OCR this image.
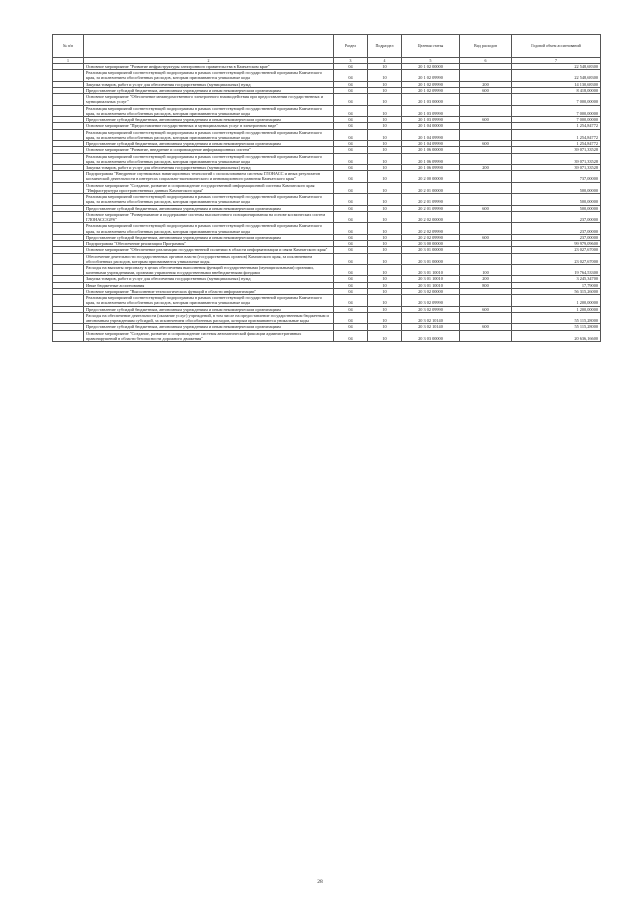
№ п/п		Раздел	Подраздел	Целевая статья	Вид расходов	Годовой объем ассигнований
1	2	3	4	5	6	7
	Основное мероприятие "Развитие инфраструктуры электронного правительства в Камчатском крае"	04	10	20 1 02 00000		22 548,68300
	Реализация мероприятий соответствующей подпрограммы в рамках соответствующей государственной программы Камчатского края, за исключением обособленных расходов, которым присваиваются уникальные коды	04	10	20 1 02 09990		22 548,68300
	Закупка товаров, работ и услуг для обеспечения государственных (муниципальных) нужд	04	10	20 1 02 09990	200	14 130,68300
	Предоставление субсидий бюджетным, автономным учреждениям и иным некоммерческим организациям	04	10	20 1 02 09990	600	8 418,00000
	Основное мероприятие "Обеспечение межведомственного электронного взаимодействия при предоставлении государственных и муниципальных услуг"	04	10	20 1 03 00000		7 000,00000
	Реализация мероприятий соответствующей подпрограммы в рамках соответствующей государственной программы Камчатского края, за исключением обособленных расходов, которым присваиваются уникальные коды	04	10	20 1 03 09990		7 000,00000
	Предоставление субсидий бюджетным, автономным учреждениям и иным некоммерческим организациям	04	10	20 1 03 09990	600	7 000,00000
	Основное мероприятие "Предоставление государственных и муниципальных услуг в электронном виде"	04	10	20 1 04 00000		1 254,84772
	Реализация мероприятий соответствующей подпрограммы в рамках соответствующей государственной программы Камчатского края, за исключением обособленных расходов, которым присваиваются уникальные коды	04	10	20 1 04 09990		1 254,84772
	Предоставление субсидий бюджетным, автономным учреждениям и иным некоммерческим организациям	04	10	20 1 04 09990	600	1 254,84772
	Основное мероприятие "Развитие, внедрение и сопровождение информационных систем"	04	10	20 1 06 00000		39 071,33528
	Реализация мероприятий соответствующей подпрограммы в рамках соответствующей государственной программы Камчатского края, за исключением обособленных расходов, которым присваиваются уникальные коды	04	10	20 1 06 09990		39 071,33528
	Закупка товаров, работ и услуг для обеспечения государственных (муниципальных) нужд	04	10	20 1 06 09990	200	39 071,33528
	Подпрограмма "Внедрение спутниковых навигационных технологий с использованием системы ГЛОНАСС и иных результатов космической деятельности в интересах социально-экономического и инновационного развития Камчатского края"	04	10	20 2 00 00000		737,00000
	Основное мероприятие "Создание, развитие и сопровождение государственной информационной системы Камчатского края "Инфраструктура пространственных данных Камчатского края"	04	10	20 2 01 00000		500,00000
	Реализация мероприятий соответствующей подпрограммы в рамках соответствующей государственной программы Камчатского края, за исключением обособленных расходов, которым присваиваются уникальные коды	04	10	20 2 01 09990		500,00000
	Предоставление субсидий бюджетным, автономным учреждениям и иным некоммерческим организациям	04	10	20 2 01 09990	600	500,00000
	Основное мероприятие "Развертывание и поддержание системы высокоточного позиционирования на основе космических систем ГЛОНАСС/GPS"	04	10	20 2 02 00000		237,00000
	Реализация мероприятий соответствующей подпрограммы в рамках соответствующей государственной программы Камчатского края, за исключением обособленных расходов, которым присваиваются уникальные коды	04	10	20 2 02 09990		237,00000
	Предоставление субсидий бюджетным, автономным учреждениям и иным некоммерческим организациям	04	10	20 2 02 09990	600	237,00000
	Подпрограмма "Обеспечение реализации Программы"	04	10	20 3 00 00000		99 979,09600
	Основное мероприятие "Обеспечение реализации государственной политики в области информатизации и связи Камчатского края"	04	10	20 3 01 00000		23 027,67000
	Обеспечение деятельности государственных органов власти (государственных органов) Камчатского края, за исключением обособленных расходов, которым присваиваются уникальные коды.	04	10	20 3 01 00000		23 027,67000
	Расходы на выплаты персоналу в целях обеспечения выполнения функций государственными (муниципальными) органами, казенными учреждениями, органами управления государственными внебюджетными фондами	04	10	20 3 01 10010	100	19 764,53300
	Закупка товаров, работ и услуг для обеспечения государственных (муниципальных) нужд	04	10	20 3 01 10010	200	3 245,34700
	Иные бюджетные ассигнования	04	10	20 3 01 10010	800	17,79000
	Основное мероприятие "Выполнение технологических функций в области информатизации"	04	10	20 3 02 00000		56 315,26000
	Реализация мероприятий соответствующей подпрограммы в рамках соответствующей государственной программы Камчатского края, за исключением обособленных расходов, которым присваиваются уникальные коды	04	10	20 3 02 09990		1 200,00000
	Предоставление субсидий бюджетным, автономным учреждениям и иным некоммерческим организациям	04	10	20 3 02 09990	600	1 200,00000
	Расходы на обеспечение деятельности (оказание услуг) учреждений, в том числе на предоставление государственным бюджетным и автономным учреждениям субсидий, за исключением обособленных расходов, которым присваиваются уникальные коды	04	10	20 3 02 10140		55 115,28000
	Предоставление субсидий бюджетным, автономным учреждениям и иным некоммерческим организациям	04	10	20 3 02 10140	600	55 115,28000
	Основное мероприятие "Создание, развитие и сопровождение системы автоматической фиксации административных правонарушений в области безопасности дорожного движения"	04	10	20 3 03 00000		20 636,16600
28
